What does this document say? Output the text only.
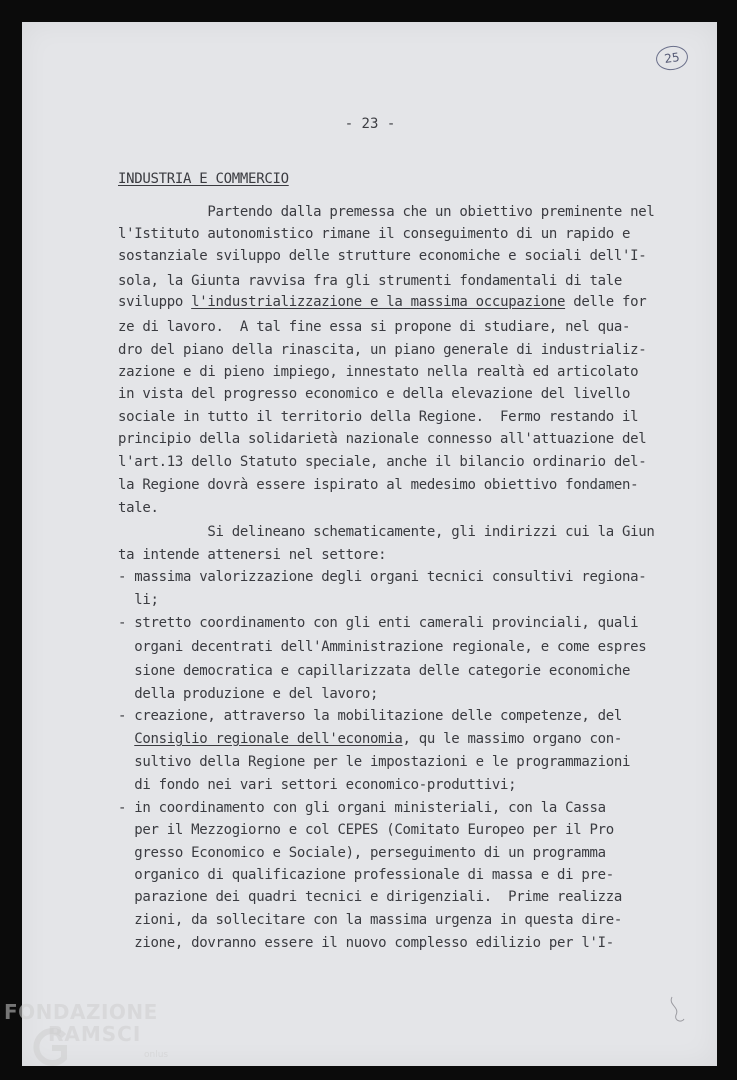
25
- 23 -

INDUSTRIA E COMMERCIO

Partendo dalla premessa che un obiettivo preminente nel
l'Istituto autonomistico rimane il conseguimento di un rapido e
sostanziale sviluppo delle strutture economiche e sociali dell'I-
sola, la Giunta ravvisa fra gli strumenti fondamentali di tale
sviluppo l'industrializzazione e la massima occupazione delle for
ze di lavoro.  A tal fine essa si propone di studiare, nel qua-
dro del piano della rinascita, un piano generale di industrializ-
zazione e di pieno impiego, innestato nella realtà ed articolato
in vista del progresso economico e della elevazione del livello
sociale in tutto il territorio della Regione.  Fermo restando il
principio della solidarietà nazionale connesso all'attuazione del
l'art.13 dello Statuto speciale, anche il bilancio ordinario del-
la Regione dovrà essere ispirato al medesimo obiettivo fondamen-
tale.
Si delineano schematicamente, gli indirizzi cui la Giun
ta intende attenersi nel settore:
- massima valorizzazione degli organi tecnici consultivi regiona-
li;
- stretto coordinamento con gli enti camerali provinciali, quali
organi decentrati dell'Amministrazione regionale, e come espres
sione democratica e capillarizzata delle categorie economiche
della produzione e del lavoro;
- creazione, attraverso la mobilitazione delle competenze, del
Consiglio regionale dell'economia, qu le massimo organo con-
sultivo della Regione per le impostazioni e le programmazioni
di fondo nei vari settori economico-produttivi;
- in coordinamento con gli organi ministeriali, con la Cassa
per il Mezzogiorno e col CEPES (Comitato Europeo per il Pro
gresso Economico e Sociale), perseguimento di un programma
organico di qualificazione professionale di massa e di pre-
parazione dei quadri tecnici e dirigenziali.  Prime realizza
zioni, da sollecitare con la massima urgenza in questa dire-
zione, dovranno essere il nuovo complesso edilizio per l'I-

FONDAZIONE
RAMSCI
onlus
